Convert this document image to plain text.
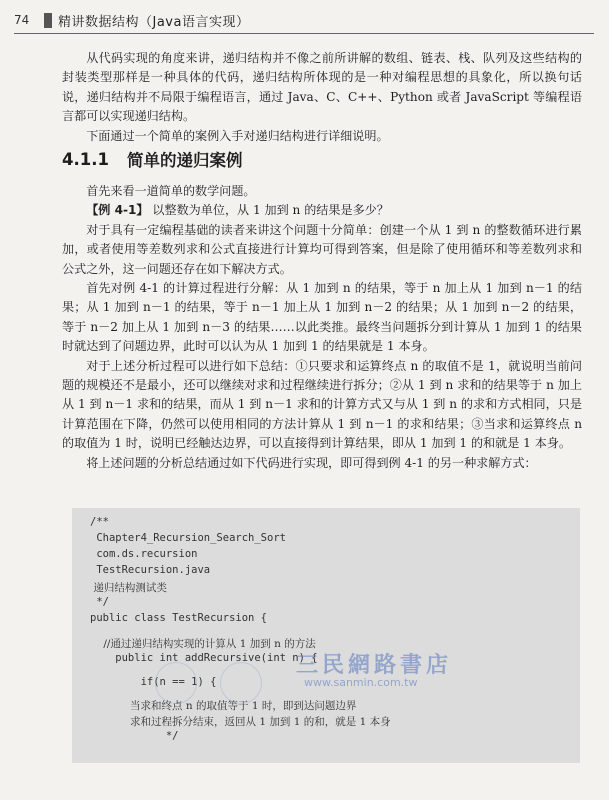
74	精讲数据结构（Java语言实现）

从代码实现的角度来讲，递归结构并不像之前所讲解的数组、链表、栈、队列及这些结构的封装类型那样是一种具体的代码，递归结构所体现的是一种对编程思想的具象化，所以换句话说，递归结构并不局限于编程语言，通过 Java、C、C++、Python 或者 JavaScript 等编程语言都可以实现递归结构。

下面通过一个简单的案例入手对递归结构进行详细说明。

4.1.1 简单的递归案例

首先来看一道简单的数学问题。

【例 4-1】 以整数为单位，从 1 加到 n 的结果是多少？

对于具有一定编程基础的读者来讲这个问题十分简单：创建一个从 1 到 n 的整数循环进行累加，或者使用等差数列求和公式直接进行计算均可得到答案，但是除了使用循环和等差数列求和公式之外，这一问题还存在如下解决方式。

首先对例 4-1 的计算过程进行分解：从 1 加到 n 的结果，等于 n 加上从 1 加到 n－1 的结果；从 1 加到 n－1 的结果，等于 n－1 加上从 1 加到 n－2 的结果；从 1 加到 n－2 的结果，等于 n－2 加上从 1 加到 n－3 的结果……以此类推。最终当问题拆分到计算从 1 加到 1 的结果时就达到了问题边界，此时可以认为从 1 加到 1 的结果就是 1 本身。

对于上述分析过程可以进行如下总结：①只要求和运算终点 n 的取值不是 1，就说明当前问题的规模还不是最小，还可以继续对求和过程继续进行拆分；②从 1 到 n 求和的结果等于 n 加上从 1 到 n－1 求和的结果，而从 1 到 n－1 求和的计算方式又与从 1 到 n 的求和方式相同，只是计算范围在下降，仍然可以使用相同的方法计算从 1 到 n－1 的求和结果；③当求和运算终点 n 的取值为 1 时，说明已经触达边界，可以直接得到计算结果，即从 1 加到 1 的和就是 1 本身。

将上述问题的分析总结通过如下代码进行实现，即可得到例 4-1 的另一种求解方式：

/**
Chapter4_Recursion_Search_Sort
com.ds.recursion
TestRecursion.java
递归结构测试类
*/
public class TestRecursion {
//通过递归结构实现的计算从 1 加到 n 的方法
public int addRecursive(int n) {
if(n == 1) {
当求和终点 n 的取值等于 1 时，即到达问题边界
求和过程拆分结束，返回从 1 加到 1 的和，就是 1 本身
*/
三民網路書店
www.sanmin.com.tw
